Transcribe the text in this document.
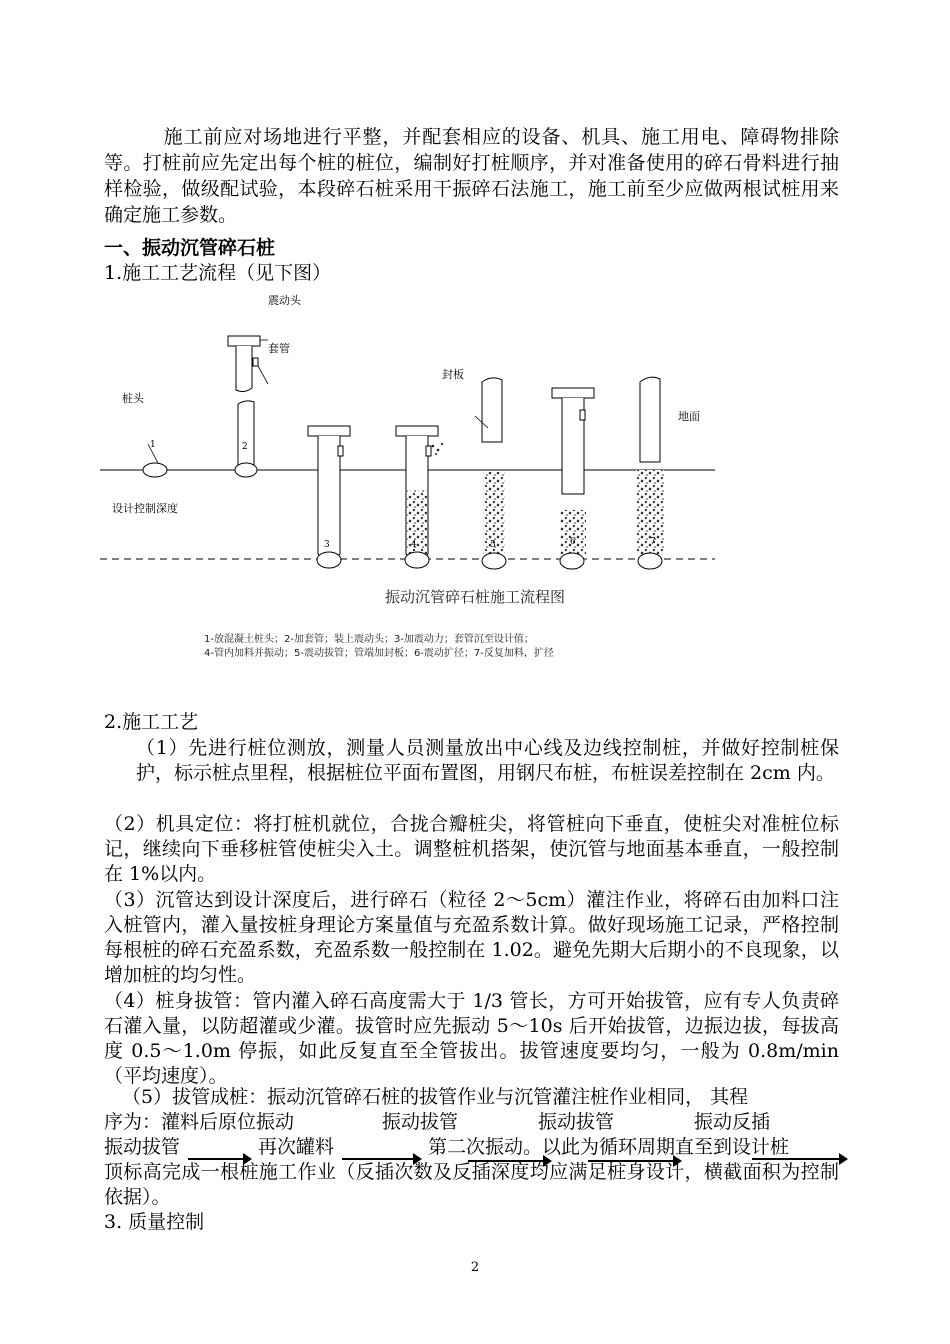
　　　施工前应对场地进行平整，并配套相应的设备、机具、施工用电、障碍物排除等。打桩前应先定出每个桩的桩位，编制好打桩顺序，并对准备使用的碎石骨料进行抽样检验，做级配试验，本段碎石桩采用干振碎石法施工，施工前至少应做两根试桩用来确定施工参数。

一、振动沉管碎石桩
1.施工工艺流程（见下图）
震动头
套管
封板
桩头
地面
设计控制深度
1	2
3	4	5	6	7
振动沉管碎石桩施工流程图
1-放混凝土桩头；2-加套管；装上震动头；3-加震动力；套管沉至设计值；
4-管内加料并振动；5-震动拔管；管端加封板；6-震动扩径；7-反复加料，扩径
2.施工工艺

（1）先进行桩位测放，测量人员测量放出中心线及边线控制桩，并做好控制桩保护，标示桩点里程，根据桩位平面布置图，用钢尺布桩，布桩误差控制在 2cm 内。

（2）机具定位：将打桩机就位，合拢合瓣桩尖，将管桩向下垂直，使桩尖对准桩位标记，继续向下垂移桩管使桩尖入土。调整桩机搭架，使沉管与地面基本垂直，一般控制在 1%以内。

（3）沉管达到设计深度后，进行碎石（粒径 2～5cm）灌注作业，将碎石由加料口注入桩管内，灌入量按桩身理论方案量值与充盈系数计算。做好现场施工记录，严格控制每根桩的碎石充盈系数，充盈系数一般控制在 1.02。避免先期大后期小的不良现象，以增加桩的均匀性。

（4）桩身拔管：管内灌入碎石高度需大于 1/3 管长，方可开始拔管，应有专人负责碎石灌入量，以防超灌或少灌。拔管时应先振动 5～10s 后开始拔管，边振边拔，每拔高度 0.5～1.0m 停振，如此反复直至全管拔出。拔管速度要均匀，一般为 0.8m/min（平均速度）。

（5）拔管成桩：振动沉管碎石桩的拔管作业与沉管灌注桩作业相同， 其程
序为：灌料后原位振动	振动拔管	振动拔管	振动反插
振动拔管	再次罐料	第二次振动。以此为循环周期直至到设计桩

顶标高完成一根桩施工作业（反插次数及反插深度均应满足桩身设计，横截面积为控制依据）。

3. 质量控制
2
